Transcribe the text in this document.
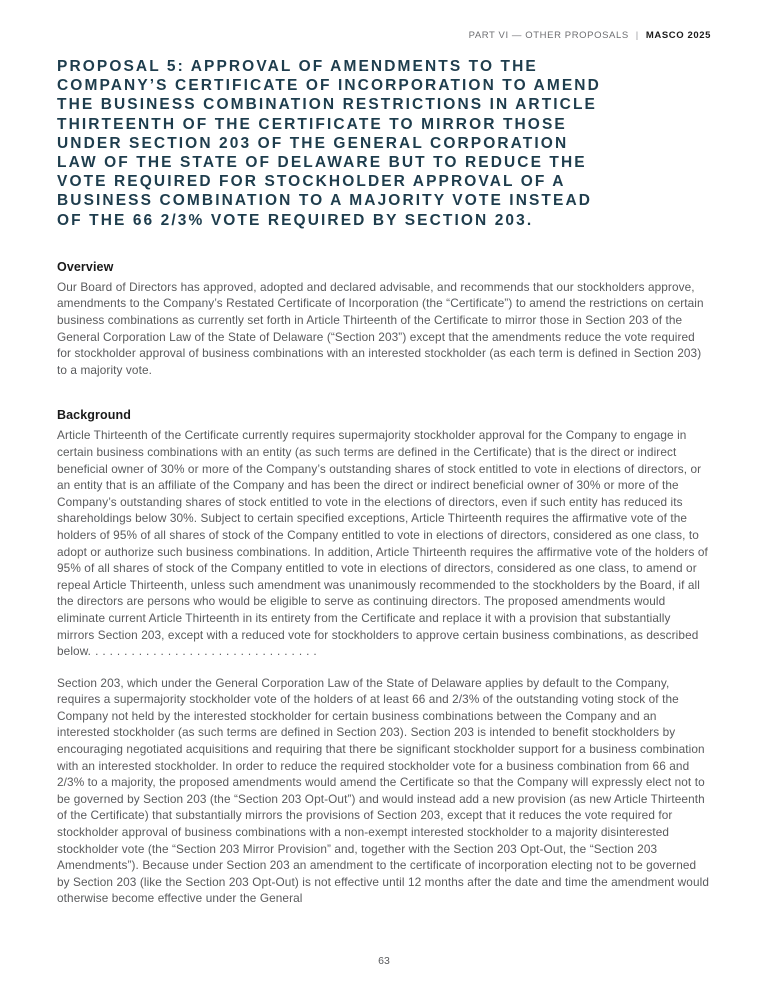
PART VI — OTHER PROPOSALS | MASCO 2025
PROPOSAL 5: APPROVAL OF AMENDMENTS TO THE
COMPANY’S CERTIFICATE OF INCORPORATION TO AMEND
THE BUSINESS COMBINATION RESTRICTIONS IN ARTICLE
THIRTEENTH OF THE CERTIFICATE TO MIRROR THOSE
UNDER SECTION 203 OF THE GENERAL CORPORATION
LAW OF THE STATE OF DELAWARE BUT TO REDUCE THE
VOTE REQUIRED FOR STOCKHOLDER APPROVAL OF A
BUSINESS COMBINATION TO A MAJORITY VOTE INSTEAD
OF THE 66 2/3% VOTE REQUIRED BY SECTION 203.
Overview

Our Board of Directors has approved, adopted and declared advisable, and recommends that our stockholders approve, amendments to the Company’s Restated Certificate of Incorporation (the “Certificate”) to amend the restrictions on certain business combinations as currently set forth in Article Thirteenth of the Certificate to mirror those in Section 203 of the General Corporation Law of the State of Delaware (“Section 203”) except that the amendments reduce the vote required for stockholder approval of business combinations with an interested stockholder (as each term is defined in Section 203) to a majority vote.

Background

Article Thirteenth of the Certificate currently requires supermajority stockholder approval for the Company to engage in certain business combinations with an entity (as such terms are defined in the Certificate) that is the direct or indirect beneficial owner of 30% or more of the Company’s outstanding shares of stock entitled to vote in elections of directors, or an entity that is an affiliate of the Company and has been the direct or indirect beneficial owner of 30% or more of the Company’s outstanding shares of stock entitled to vote in the elections of directors, even if such entity has reduced its shareholdings below 30%. Subject to certain specified exceptions, Article Thirteenth requires the affirmative vote of the holders of 95% of all shares of stock of the Company entitled to vote in elections of directors, considered as one class, to adopt or authorize such business combinations. In addition, Article Thirteenth requires the affirmative vote of the holders of 95% of all shares of stock of the Company entitled to vote in elections of directors, considered as one class, to amend or repeal Article Thirteenth, unless such amendment was unanimously recommended to the stockholders by the Board, if all the directors are persons who would be eligible to serve as continuing directors. The proposed amendments would eliminate current Article Thirteenth in its entirety from the Certificate and replace it with a provision that substantially mirrors Section 203, except with a reduced vote for stockholders to approve certain business combinations, as described below. ...............................

Section 203, which under the General Corporation Law of the State of Delaware applies by default to the Company, requires a supermajority stockholder vote of the holders of at least 66 and 2/3% of the outstanding voting stock of the Company not held by the interested stockholder for certain business combinations between the Company and an interested stockholder (as such terms are defined in Section 203). Section 203 is intended to benefit stockholders by encouraging negotiated acquisitions and requiring that there be significant stockholder support for a business combination with an interested stockholder. In order to reduce the required stockholder vote for a business combination from 66 and 2/3% to a majority, the proposed amendments would amend the Certificate so that the Company will expressly elect not to be governed by Section 203 (the “Section 203 Opt-Out”) and would instead add a new provision (as new Article Thirteenth of the Certificate) that substantially mirrors the provisions of Section 203, except that it reduces the vote required for stockholder approval of business combinations with a non-exempt interested stockholder to a majority disinterested stockholder vote (the “Section 203 Mirror Provision” and, together with the Section 203 Opt-Out, the “Section 203 Amendments”). Because under Section 203 an amendment to the certificate of incorporation electing not to be governed by Section 203 (like the Section 203 Opt-Out) is not effective until 12 months after the date and time the amendment would otherwise become effective under the General

63
